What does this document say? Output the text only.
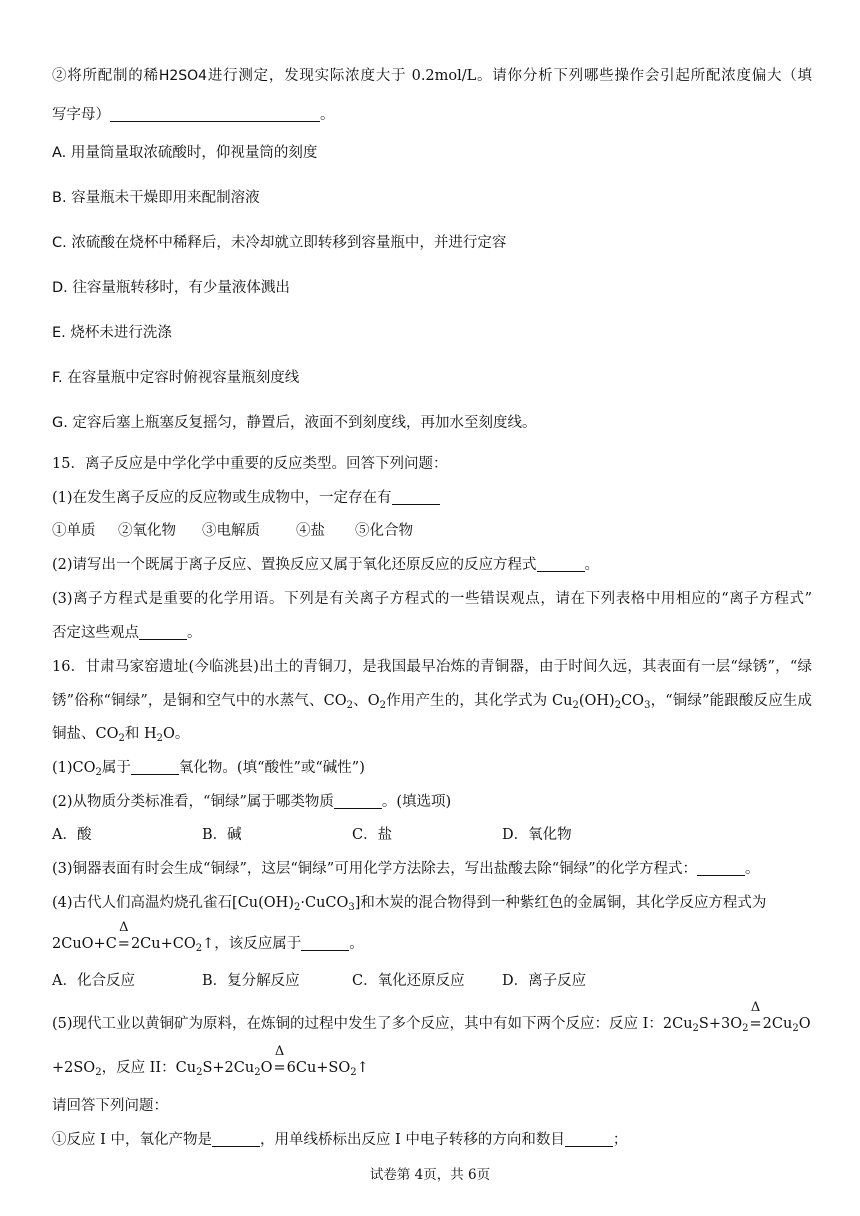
②将所配制的稀H2SO4进行测定，发现实际浓度大于 0.2mol/L。请你分析下列哪些操作会引起所配浓度偏大（填
写字母）	。
A. 用量筒量取浓硫酸时，仰视量筒的刻度
B. 容量瓶未干燥即用来配制溶液
C. 浓硫酸在烧杯中稀释后，未冷却就立即转移到容量瓶中，并进行定容
D. 往容量瓶转移时，有少量液体溅出
E. 烧杯未进行洗涤
F. 在容量瓶中定容时俯视容量瓶刻度线
G. 定容后塞上瓶塞反复摇匀，静置后，液面不到刻度线，再加水至刻度线。
15．离子反应是中学化学中重要的反应类型。回答下列问题：
(1)在发生离子反应的反应物或生成物中，一定存在有
①单质 ②氧化物 ③电解质 ④盐 ⑤化合物
(2)请写出一个既属于离子反应、置换反应又属于氧化还原反应的反应方程式	。
(3)离子方程式是重要的化学用语。下列是有关离子方程式的一些错误观点，请在下列表格中用相应的“离子方程式”
否定这些观点	。
16．甘肃马家窑遗址(今临洮县)出土的青铜刀，是我国最早冶炼的青铜器，由于时间久远，其表面有一层“绿锈”，“绿
锈”俗称“铜绿”，是铜和空气中的水蒸气、$CO_2$、$O_2$作用产生的，其化学式为 $Cu_2(OH)_2CO_3$，“铜绿”能跟酸反应生成
铜盐、$CO_2$和 $H_2O$。
$(1)CO_2$属于	氧化物。(填“酸性”或“碱性”)
(2)从物质分类标准看，“铜绿”属于哪类物质	。(填选项)
A．酸	B．碱	C．盐	D．氧化物
(3)铜器表面有时会生成“铜绿”，这层“铜绿”可用化学方法除去，写出盐酸去除“铜绿”的化学方程式：	。
(4)古代人们高温灼烧孔雀石$[Cu(OH)_2\cdot CuCO_3]$和木炭的混合物得到一种紫红色的金属铜，其化学反应方程式为
2CuO+C
Δ
$=2Cu+CO_2↑$，该反应属于	。
A．化合反应	B．复分解反应	C．氧化还原反应	D．离子反应
(5)现代工业以黄铜矿为原料，在炼铜的过程中发生了多个反应，其中有如下两个反应：反应 I：$2Cu_2S+3O_2$
Δ
$=2Cu_2O$
$+2SO_2$，反应 II：$Cu_2S+2Cu_2O$
Δ
$=6Cu+SO_2↑$
请回答下列问题：
①反应 I 中，氧化产物是	，用单线桥标出反应 I 中电子转移的方向和数目	；
试卷第 4页，共 6页
